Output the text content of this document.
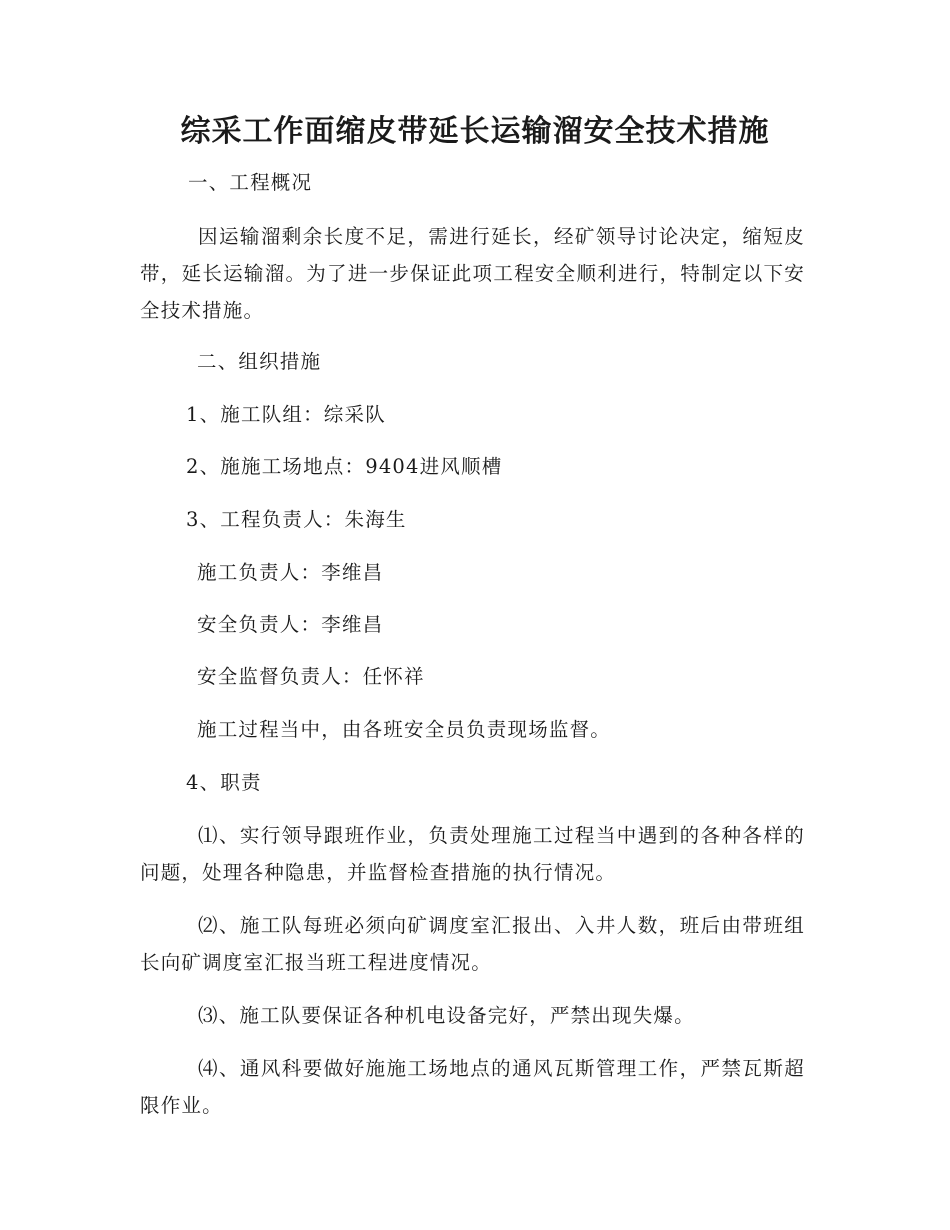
综采工作面缩皮带延长运输溜安全技术措施
一、工程概况
因运输溜剩余长度不足，需进行延长，经矿领导讨论决定，缩短皮带，延长运输溜。为了进一步保证此项工程安全顺利进行，特制定以下安全技术措施。
二、组织措施
1、施工队组：综采队
2、施施工场地点：9404进风顺槽
3、工程负责人：朱海生
施工负责人：李维昌
安全负责人：李维昌
安全监督负责人：任怀祥
施工过程当中，由各班安全员负责现场监督。
4、职责
⑴、实行领导跟班作业，负责处理施工过程当中遇到的各种各样的问题，处理各种隐患，并监督检查措施的执行情况。
⑵、施工队每班必须向矿调度室汇报出、入井人数，班后由带班组长向矿调度室汇报当班工程进度情况。
⑶、施工队要保证各种机电设备完好，严禁出现失爆。
⑷、通风科要做好施施工场地点的通风瓦斯管理工作，严禁瓦斯超限作业。
